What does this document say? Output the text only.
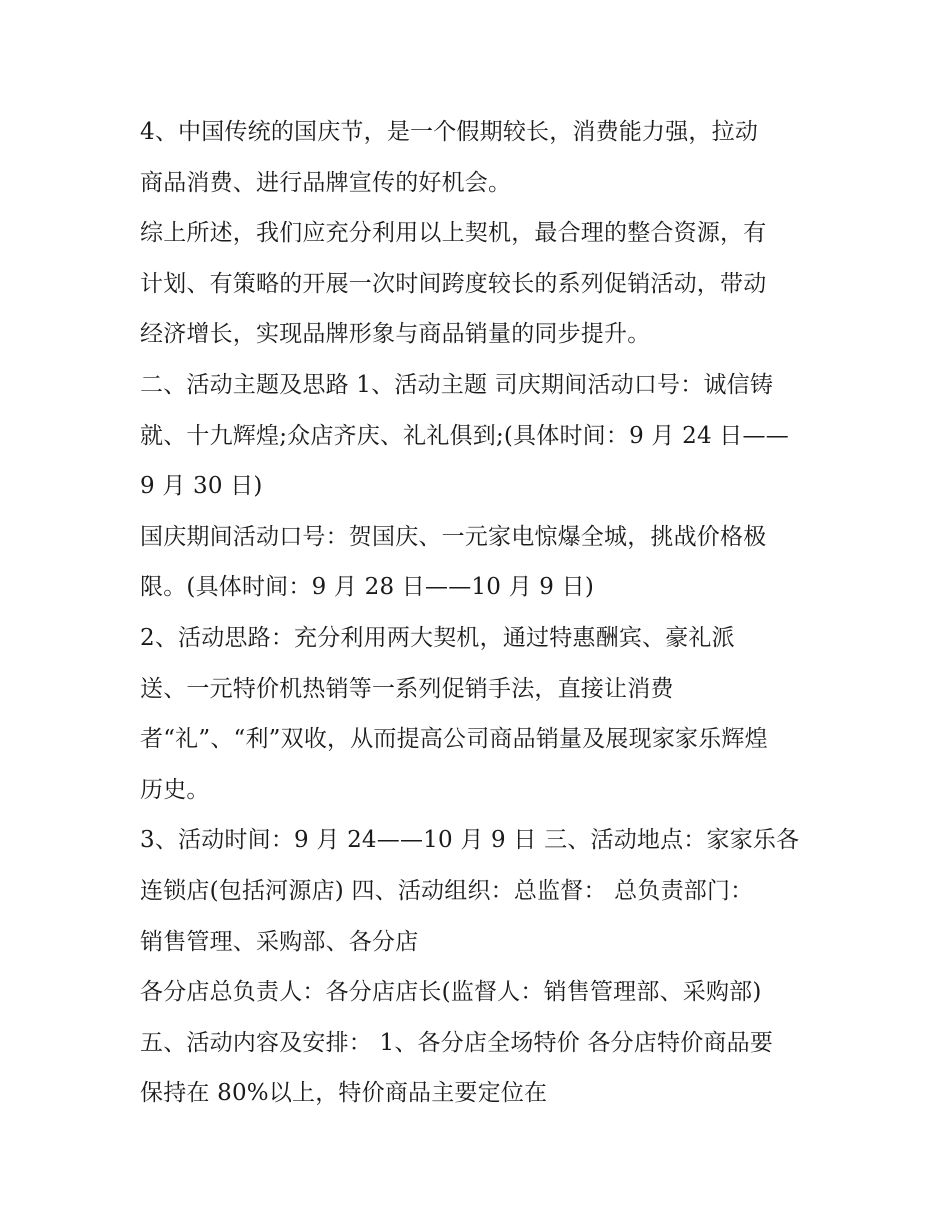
4、中国传统的国庆节，是一个假期较长，消费能力强，拉动
商品消费、进行品牌宣传的好机会。
综上所述，我们应充分利用以上契机，最合理的整合资源，有
计划、有策略的开展一次时间跨度较长的系列促销活动，带动
经济增长，实现品牌形象与商品销量的同步提升。
二、活动主题及思路 1、活动主题 司庆期间活动口号：诚信铸
就、十九辉煌;众店齐庆、礼礼俱到;(具体时间：9 月 24 日——
9 月 30 日)
国庆期间活动口号：贺国庆、一元家电惊爆全城，挑战价格极
限。(具体时间：9 月 28 日——10 月 9 日)
2、活动思路：充分利用两大契机，通过特惠酬宾、豪礼派
送、一元特价机热销等一系列促销手法，直接让消费
者“礼”、“利”双收，从而提高公司商品销量及展现家家乐辉煌
历史。
3、活动时间：9 月 24——10 月 9 日 三、活动地点：家家乐各
连锁店(包括河源店) 四、活动组织：总监督： 总负责部门：
销售管理、采购部、各分店
各分店总负责人：各分店店长(监督人：销售管理部、采购部)
五、活动内容及安排： 1、各分店全场特价 各分店特价商品要
保持在 80%以上，特价商品主要定位在
